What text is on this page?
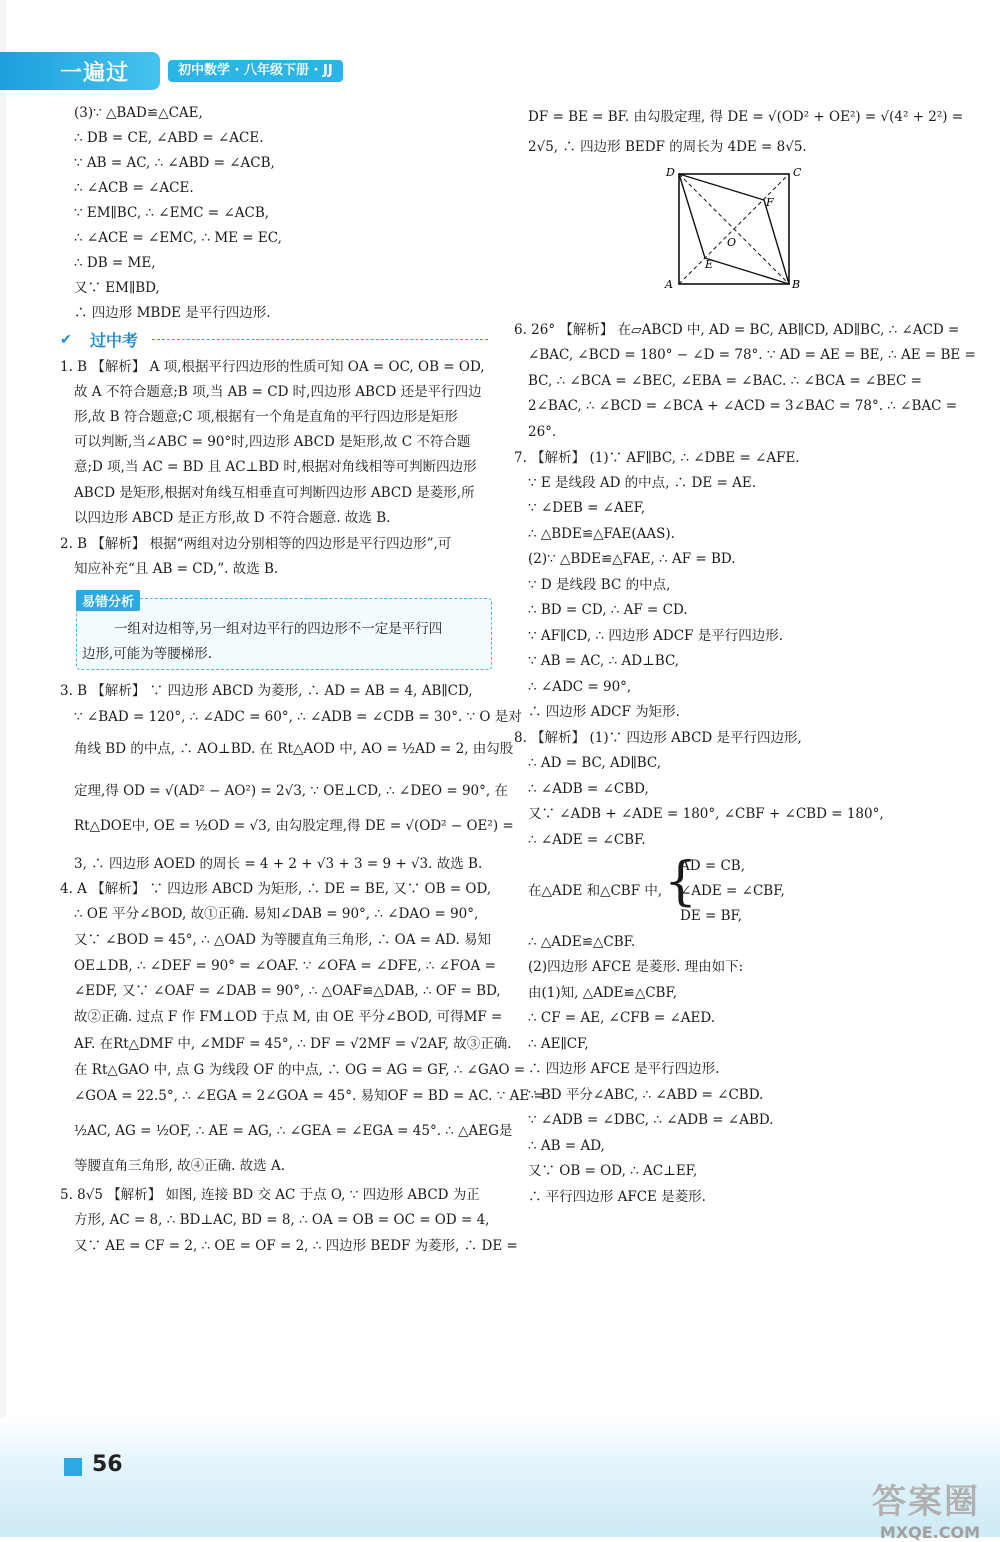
一遍过	初中数学 · 八年级下册 · JJ
(3)∵ △BAD≌△CAE,
∴ DB = CE, ∠ABD = ∠ACE.
∵ AB = AC, ∴ ∠ABD = ∠ACB,
∴ ∠ACB = ∠ACE.
∵ EM∥BC, ∴ ∠EMC = ∠ACB,
∴ ∠ACE = ∠EMC, ∴ ME = EC,
∴ DB = ME,
又∵ EM∥BD,
∴ 四边形 MBDE 是平行四边形.
✔︎ 过中考
1. B 【解析】 A 项,根据平行四边形的性质可知 OA = OC, OB = OD,
故 A 不符合题意;B 项,当 AB = CD 时,四边形 ABCD 还是平行四边
形,故 B 符合题意;C 项,根据有一个角是直角的平行四边形是矩形
可以判断,当∠ABC = 90°时,四边形 ABCD 是矩形,故 C 不符合题
意;D 项,当 AC = BD 且 AC⊥BD 时,根据对角线相等可判断四边形
ABCD 是矩形,根据对角线互相垂直可判断四边形 ABCD 是菱形,所
以四边形 ABCD 是正方形,故 D 不符合题意. 故选 B.
2. B 【解析】 根据“两组对边分别相等的四边形是平行四边形”,可
知应补充“且 AB = CD,”. 故选 B.
易错分析
一组对边相等,另一组对边平行的四边形不一定是平行四
边形,可能为等腰梯形.
3. B 【解析】 ∵ 四边形 ABCD 为菱形, ∴ AD = AB = 4, AB∥CD,
∵ ∠BAD = 120°, ∴ ∠ADC = 60°, ∴ ∠ADB = ∠CDB = 30°. ∵ O 是对
角线 BD 的中点, ∴ AO⊥BD. 在 Rt△AOD 中, AO = ½AD = 2, 由勾股
定理,得 OD = √(AD² − AO²) = 2√3, ∵ OE⊥CD, ∴ ∠DEO = 90°, 在
Rt△DOE中, OE = ½OD = √3, 由勾股定理,得 DE = √(OD² − OE²) =
3, ∴ 四边形 AOED 的周长 = 4 + 2 + √3 + 3 = 9 + √3. 故选 B.
4. A 【解析】 ∵ 四边形 ABCD 为矩形, ∴ DE = BE, 又∵ OB = OD,
∴ OE 平分∠BOD, 故①正确. 易知∠DAB = 90°, ∴ ∠DAO = 90°,
又∵ ∠BOD = 45°, ∴ △OAD 为等腰直角三角形, ∴ OA = AD. 易知
OE⊥DB, ∴ ∠DEF = 90° = ∠OAF. ∵ ∠OFA = ∠DFE, ∴ ∠FOA =
∠EDF, 又∵ ∠OAF = ∠DAB = 90°, ∴ △OAF≌△DAB, ∴ OF = BD,
故②正确. 过点 F 作 FM⊥OD 于点 M, 由 OE 平分∠BOD, 可得MF =
AF. 在Rt△DMF 中, ∠MDF = 45°, ∴ DF = √2MF = √2AF, 故③正确.
在 Rt△GAO 中, 点 G 为线段 OF 的中点, ∴ OG = AG = GF, ∴ ∠GAO =
∠GOA = 22.5°, ∴ ∠EGA = 2∠GOA = 45°. 易知OF = BD = AC. ∵ AE =
½AC, AG = ½OF, ∴ AE = AG, ∴ ∠GEA = ∠EGA = 45°. ∴ △AEG是
等腰直角三角形, 故④正确. 故选 A.
5. 8√5 【解析】 如图, 连接 BD 交 AC 于点 O, ∵ 四边形 ABCD 为正
方形, AC = 8, ∴ BD⊥AC, BD = 8, ∴ OA = OB = OC = OD = 4,
又∵ AE = CF = 2, ∴ OE = OF = 2, ∴ 四边形 BEDF 为菱形, ∴ DE =
DF = BE = BF. 由勾股定理, 得 DE = √(OD² + OE²) = √(4² + 2²) =
2√5, ∴ 四边形 BEDF 的周长为 4DE = 8√5.
D	C
F
O
E
A	B
6. 26° 【解析】 在▱ABCD 中, AD = BC, AB∥CD, AD∥BC, ∴ ∠ACD =
∠BAC, ∠BCD = 180° − ∠D = 78°. ∵ AD = AE = BE, ∴ AE = BE =
BC, ∴ ∠BCA = ∠BEC, ∠EBA = ∠BAC. ∴ ∠BCA = ∠BEC =
2∠BAC, ∴ ∠BCD = ∠BCA + ∠ACD = 3∠BAC = 78°. ∴ ∠BAC =
26°.
7. 【解析】 (1)∵ AF∥BC, ∴ ∠DBE = ∠AFE.
∵ E 是线段 AD 的中点, ∴ DE = AE.
∵ ∠DEB = ∠AEF,
∴ △BDE≌△FAE(AAS).
(2)∵ △BDE≌△FAE, ∴ AF = BD.
∵ D 是线段 BC 的中点,
∴ BD = CD, ∴ AF = CD.
∵ AF∥CD, ∴ 四边形 ADCF 是平行四边形.
∵ AB = AC, ∴ AD⊥BC,
∴ ∠ADC = 90°,
∴ 四边形 ADCF 为矩形.
8. 【解析】 (1)∵ 四边形 ABCD 是平行四边形,
∴ AD = BC, AD∥BC,
∴ ∠ADB = ∠CBD,
又∵ ∠ADB + ∠ADE = 180°, ∠CBF + ∠CBD = 180°,
∴ ∠ADE = ∠CBF.
在△ADE 和△CBF 中, {
AD = CB,
∠ADE = ∠CBF,
DE = BF,
∴ △ADE≌△CBF.
(2)四边形 AFCE 是菱形. 理由如下:
由(1)知, △ADE≌△CBF,
∴ CF = AE, ∠CFB = ∠AED.
∴ AE∥CF,
∴ 四边形 AFCE 是平行四边形.
∵ BD 平分∠ABC, ∴ ∠ABD = ∠CBD.
∵ ∠ADB = ∠DBC, ∴ ∠ADB = ∠ABD.
∴ AB = AD,
又∵ OB = OD, ∴ AC⊥EF,
∴ 平行四边形 AFCE 是菱形.
56
答案圈
MXQE.COM
